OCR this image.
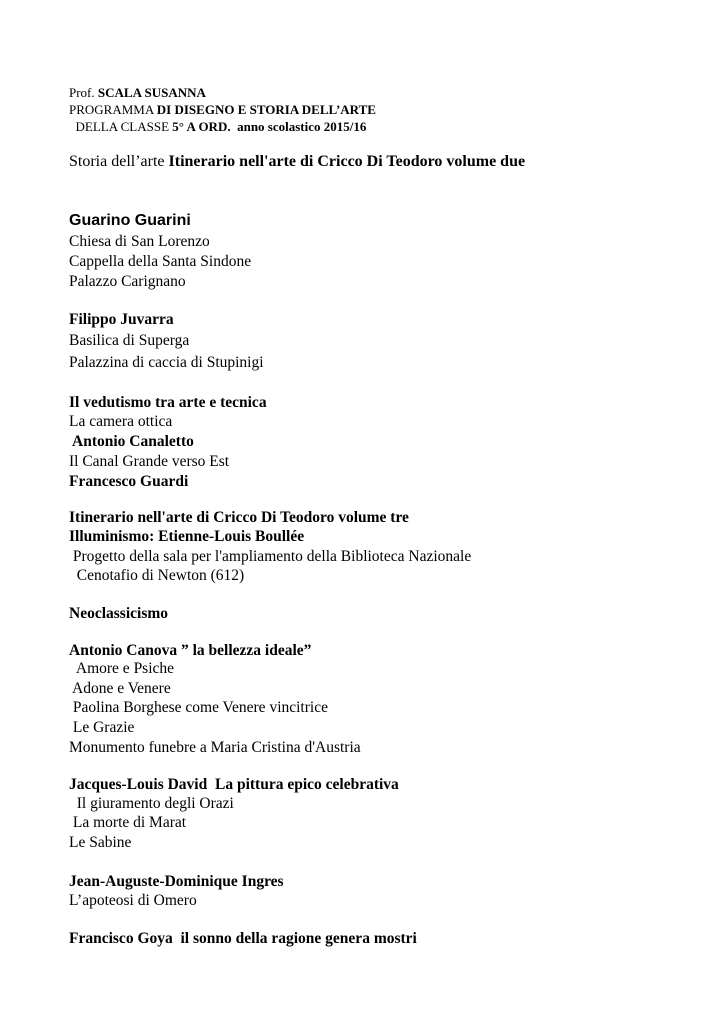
Prof. SCALA SUSANNA
PROGRAMMA DI DISEGNO E STORIA DELL’ARTE
DELLA CLASSE 5° A ORD.  anno scolastico 2015/16
Storia dell’arte Itinerario nell'arte di Cricco Di Teodoro volume due
Guarino Guarini
Chiesa di San Lorenzo
Cappella della Santa Sindone
Palazzo Carignano
Filippo Juvarra
Basilica di Superga
Palazzina di caccia di Stupinigi
Il vedutismo tra arte e tecnica
La camera ottica
Antonio Canaletto
Il Canal Grande verso Est
Francesco Guardi
Itinerario nell'arte di Cricco Di Teodoro volume tre
Illuminismo: Etienne-Louis Boullée
Progetto della sala per l'ampliamento della Biblioteca Nazionale
Cenotafio di Newton (612)
Neoclassicismo
Antonio Canova ” la bellezza ideale”
Amore e Psiche
Adone e Venere
Paolina Borghese come Venere vincitrice
Le Grazie
Monumento funebre a Maria Cristina d'Austria
Jacques-Louis David  La pittura epico celebrativa
Il giuramento degli Orazi
La morte di Marat
Le Sabine
Jean-Auguste-Dominique Ingres
L’apoteosi di Omero
Francisco Goya  il sonno della ragione genera mostri
